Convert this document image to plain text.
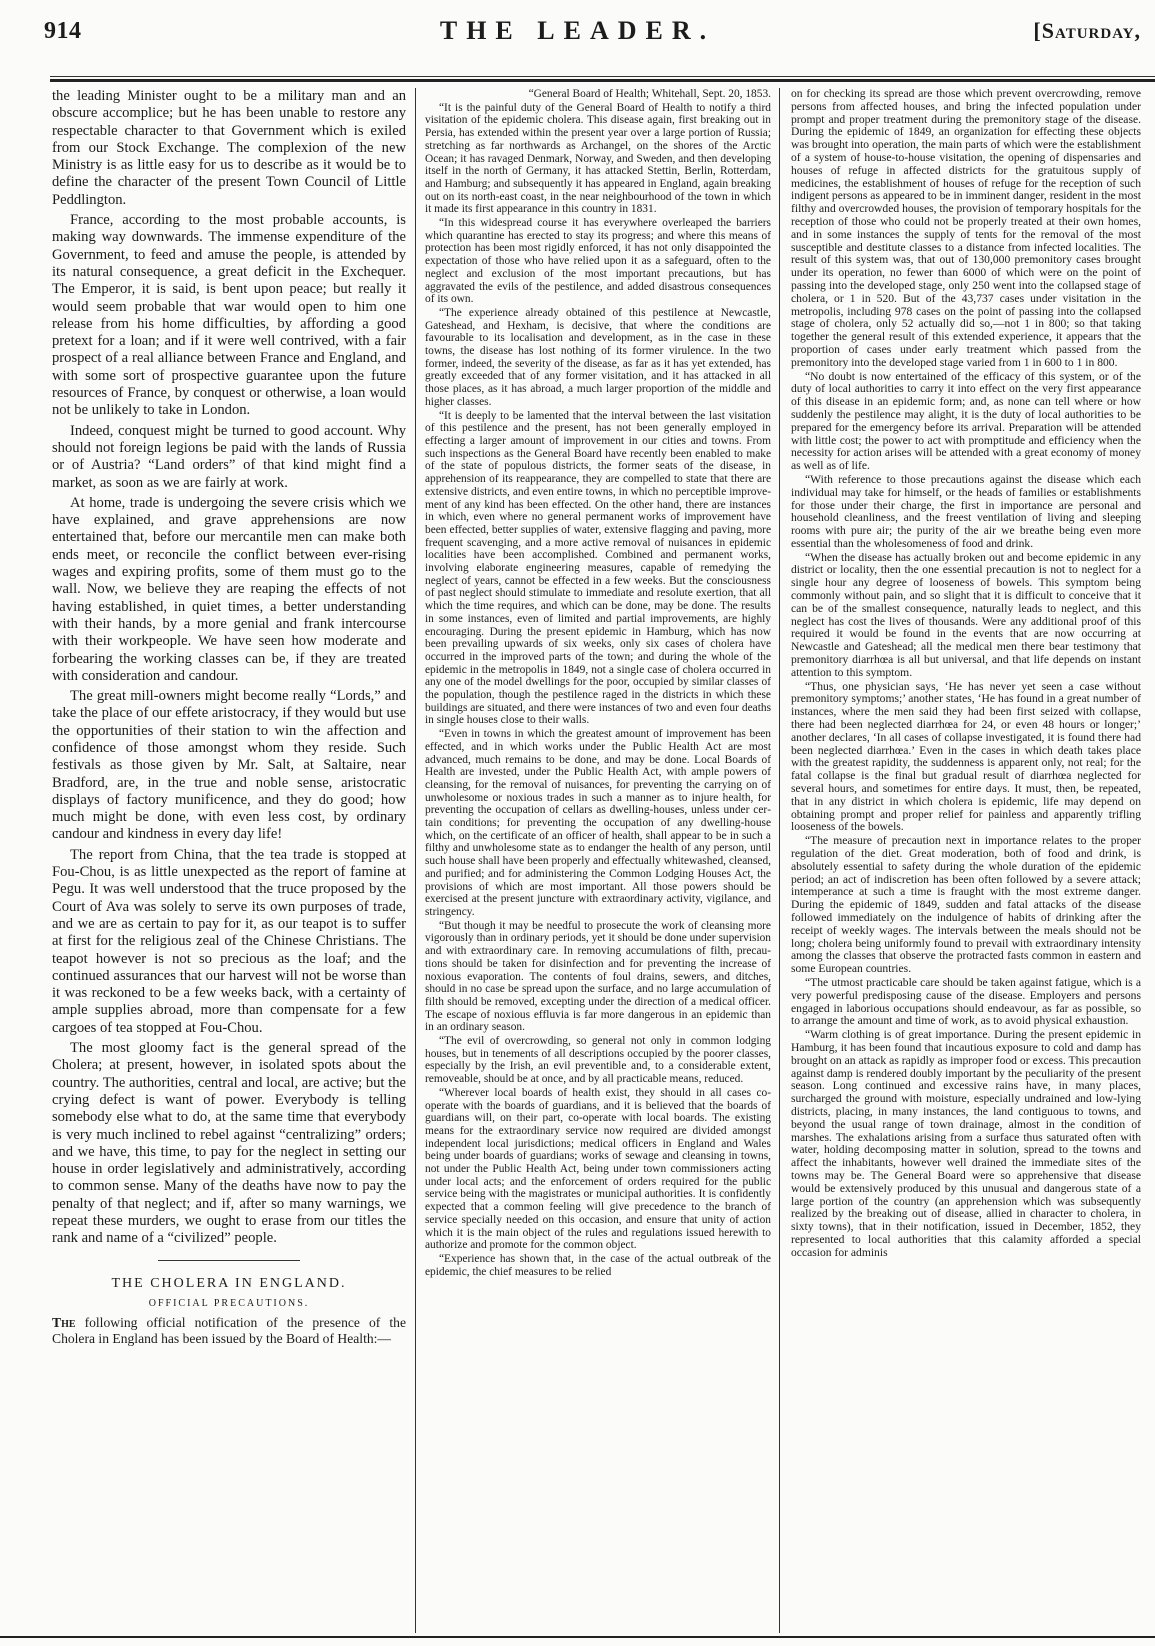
914	THE LEADER.	[Saturday,

the leading Minister ought to be a military man and an obscure accomplice; but he has been unable to restore any respectable character to that Government which is exiled from our Stock Exchange. The complexion of the new Ministry is as little easy for us to describe as it would be to define the character of the present Town Council of Little Peddlington.

France, according to the most probable accounts, is making way downwards. The immense expenditure of the Government, to feed and amuse the people, is attended by its natural consequence, a great deficit in the Exchequer. The Emperor, it is said, is bent upon peace; but really it would seem probable that war would open to him one release from his home difficulties, by affording a good pretext for a loan; and if it were well contrived, with a fair prospect of a real alliance between France and England, and with some sort of prospective guarantee upon the future resources of France, by conquest or otherwise, a loan would not be unlikely to take in London.

Indeed, conquest might be turned to good account. Why should not foreign legions be paid with the lands of Russia or of Austria? “Land orders” of that kind might find a market, as soon as we are fairly at work.

At home, trade is undergoing the severe crisis which we have explained, and grave apprehensions are now entertained that, before our mercantile men can make both ends meet, or reconcile the conflict between ever-rising wages and expiring profits, some of them must go to the wall. Now, we believe they are reaping the effects of not having established, in quiet times, a better understanding with their hands, by a more genial and frank intercourse with their workpeople. We have seen how moderate and forbearing the working classes can be, if they are treated with consideration and candour.

The great mill-owners might become really “Lords,” and take the place of our effete aristocracy, if they would but use the opportunities of their station to win the affection and confidence of those amongst whom they reside. Such festivals as those given by Mr. Salt, at Saltaire, near Bradford, are, in the true and noble sense, aristocratic displays of factory munificence, and they do good; how much might be done, with even less cost, by ordinary candour and kindness in every day life!

The report from China, that the tea trade is stopped at Fou-Chou, is as little unexpected as the report of famine at Pegu. It was well understood that the truce proposed by the Court of Ava was solely to serve its own purposes of trade, and we are as certain to pay for it, as our teapot is to suffer at first for the religious zeal of the Chinese Christians. The teapot however is not so precious as the loaf; and the continued assurances that our harvest will not be worse than it was reckoned to be a few weeks back, with a certainty of ample supplies abroad, more than compensate for a few cargoes of tea stopped at Fou-Chou.

The most gloomy fact is the general spread of the Cholera; at present, however, in isolated spots about the country. The authorities, central and local, are active; but the crying defect is want of power. Everybody is telling somebody else what to do, at the same time that everybody is very much inclined to rebel against “centralizing” orders; and we have, this time, to pay for the neglect in setting our house in order legislatively and administratively, according to common sense. Many of the deaths have now to pay the penalty of that neglect; and if, after so many warnings, we repeat these murders, we ought to erase from our titles the rank and name of a “civilized” people.

THE CHOLERA IN ENGLAND.

OFFICIAL PRECAUTIONS.

The following official notification of the presence of the Cholera in England has been issued by the Board of Health:—

“General Board of Health; Whitehall, Sept. 20, 1853.

“It is the painful duty of the General Board of Health to notify a third visitation of the epidemic cholera. This disease again, first breaking out in Persia, has extended within the present year over a large portion of Russia; stretching as far northwards as Archangel, on the shores of the Arctic Ocean; it has ravaged Denmark, Norway, and Sweden, and then developing itself in the north of Germany, it has attacked Stettin, Berlin, Rotterdam, and Hamburg; and subsequently it has appeared in England, again breaking out on its north-east coast, in the near neighbourhood of the town in which it made its first appearance in this country in 1831.

“In this widespread course it has everywhere overleaped the barriers which quarantine has erected to stay its progress; and where this means of protection has been most rigidly enforced, it has not only disappointed the expectation of those who have relied upon it as a safeguard, often to the neglect and exclusion of the most important precautions, but has aggravated the evils of the pestilence, and added disastrous consequences of its own.

“The experience already obtained of this pestilence at Newcastle, Gateshead, and Hexham, is decisive, that where the conditions are favourable to its localisation and development, as in the case in these towns, the disease has lost nothing of its former virulence. In the two former, indeed, the severity of the disease, as far as it has yet extended, has greatly exceeded that of any former visitation, and it has attacked in all those places, as it has abroad, a much larger proportion of the middle and higher classes.

“It is deeply to be lamented that the interval between the last visitation of this pestilence and the present, has not been generally employed in effecting a larger amount of improvement in our cities and towns. From such inspections as the General Board have recently been enabled to make of the state of populous districts, the former seats of the disease, in apprehension of its reappearance, they are compelled to state that there are extensive districts, and even entire towns, in which no perceptible improvement of any kind has been effected. On the other hand, there are instances in which, even where no general permanent works of improvement have been effected, better supplies of water, extensive flagging and paving, more frequent scavenging, and a more active removal of nuisances in epidemic localities have been accomplished. Combined and permanent works, involving elaborate engineering measures, capable of remedying the neglect of years, cannot be effected in a few weeks. But the consciousness of past neglect should stimulate to immediate and resolute exertion, that all which the time requires, and which can be done, may be done. The results in some instances, even of limited and partial improvements, are highly encouraging. During the present epidemic in Hamburg, which has now been prevailing upwards of six weeks, only six cases of cholera have occurred in the improved parts of the town; and during the whole of the epidemic in the metropolis in 1849, not a single case of cholera occurred in any one of the model dwellings for the poor, occupied by similar classes of the population, though the pestilence raged in the districts in which these buildings are situated, and there were instances of two and even four deaths in single houses close to their walls.

“Even in towns in which the greatest amount of improvement has been effected, and in which works under the Public Health Act are most advanced, much remains to be done, and may be done. Local Boards of Health are invested, under the Public Health Act, with ample powers of cleansing, for the removal of nuisances, for preventing the carrying on of unwholesome or noxious trades in such a manner as to injure health, for preventing the occupation of cellars as dwelling-houses, unless under certain conditions; for preventing the occupation of any dwelling-house which, on the certificate of an officer of health, shall appear to be in such a filthy and unwholesome state as to endanger the health of any person, until such house shall have been properly and effectually whitewashed, cleansed, and purified; and for administering the Common Lodging Houses Act, the provisions of which are most important. All those powers should be exercised at the present juncture with extraordinary activity, vigilance, and stringency.

“But though it may be needful to prosecute the work of cleansing more vigorously than in ordinary periods, yet it should be done under supervision and with extraordinary care. In removing accumulations of filth, precautions should be taken for disinfection and for preventing the increase of noxious evaporation. The contents of foul drains, sewers, and ditches, should in no case be spread upon the surface, and no large accumulation of filth should be removed, excepting under the direction of a medical officer. The escape of noxious effluvia is far more dangerous in an epidemic than in an ordinary season.

“The evil of overcrowding, so general not only in common lodging houses, but in tenements of all descriptions occupied by the poorer classes, especially by the Irish, an evil preventible and, to a considerable extent, removeable, should be at once, and by all practicable means, reduced.

“Wherever local boards of health exist, they should in all cases co-operate with the boards of guardians, and it is believed that the boards of guardians will, on their part, co-operate with local boards. The existing means for the extraordinary service now required are divided amongst independent local jurisdictions; medical officers in England and Wales being under boards of guardians; works of sewage and cleansing in towns, not under the Public Health Act, being under town commissioners acting under local acts; and the enforcement of orders required for the public service being with the magistrates or municipal authorities. It is confidently expected that a common feeling will give precedence to the branch of service specially needed on this occasion, and ensure that unity of action which it is the main object of the rules and regulations issued herewith to authorize and promote for the common object.

“Experience has shown that, in the case of the actual outbreak of the epidemic, the chief measures to be relied

on for checking its spread are those which prevent overcrowding, remove persons from affected houses, and bring the infected population under prompt and proper treatment during the premonitory stage of the disease. During the epidemic of 1849, an organization for effecting these objects was brought into operation, the main parts of which were the establishment of a system of house-to-house visitation, the opening of dispensaries and houses of refuge in affected districts for the gratuitous supply of medicines, the establishment of houses of refuge for the reception of such indigent persons as appeared to be in imminent danger, resident in the most filthy and overcrowded houses, the provision of temporary hospitals for the reception of those who could not be properly treated at their own homes, and in some instances the supply of tents for the removal of the most susceptible and destitute classes to a distance from infected localities. The result of this system was, that out of 130,000 premonitory cases brought under its operation, no fewer than 6000 of which were on the point of passing into the developed stage, only 250 went into the collapsed stage of cholera, or 1 in 520. But of the 43,737 cases under visitation in the metropolis, including 978 cases on the point of passing into the collapsed stage of cholera, only 52 actually did so,—not 1 in 800; so that taking together the general result of this extended experience, it appears that the proportion of cases under early treatment which passed from the premonitory into the developed stage varied from 1 in 600 to 1 in 800.

“No doubt is now entertained of the efficacy of this system, or of the duty of local authorities to carry it into effect on the very first appearance of this disease in an epidemic form; and, as none can tell where or how suddenly the pestilence may alight, it is the duty of local authorities to be prepared for the emergency before its arrival. Preparation will be attended with little cost; the power to act with promptitude and efficiency when the necessity for action arises will be attended with a great economy of money as well as of life.

“With reference to those precautions against the disease which each individual may take for himself, or the heads of families or establishments for those under their charge, the first in importance are personal and household cleanliness, and the freest ventilation of living and sleeping rooms with pure air; the purity of the air we breathe being even more essential than the wholesomeness of food and drink.

“When the disease has actually broken out and become epidemic in any district or locality, then the one essential precaution is not to neglect for a single hour any degree of looseness of bowels. This symptom being commonly without pain, and so slight that it is difficult to conceive that it can be of the smallest consequence, naturally leads to neglect, and this neglect has cost the lives of thousands. Were any additional proof of this required it would be found in the events that are now occurring at Newcastle and Gateshead; all the medical men there bear testimony that premonitory diarrhœa is all but universal, and that life depends on instant attention to this symptom.

“Thus, one physician says, ‘He has never yet seen a case without premonitory symptoms;’ another states, ‘He has found in a great number of instances, where the men said they had been first seized with collapse, there had been neglected diarrhœa for 24, or even 48 hours or longer;’ another declares, ‘In all cases of collapse investigated, it is found there had been neglected diarrhœa.’ Even in the cases in which death takes place with the greatest rapidity, the suddenness is apparent only, not real; for the fatal collapse is the final but gradual result of diarrhœa neglected for several hours, and sometimes for entire days. It must, then, be repeated, that in any district in which cholera is epidemic, life may depend on obtaining prompt and proper relief for painless and apparently trifling looseness of the bowels.

“The measure of precaution next in importance relates to the proper regulation of the diet. Great moderation, both of food and drink, is absolutely essential to safety during the whole duration of the epidemic period; an act of indiscretion has been often followed by a severe attack; intemperance at such a time is fraught with the most extreme danger. During the epidemic of 1849, sudden and fatal attacks of the disease followed immediately on the indulgence of habits of drinking after the receipt of weekly wages. The intervals between the meals should not be long; cholera being uniformly found to prevail with extraordinary intensity among the classes that observe the protracted fasts common in eastern and some European countries.

“The utmost practicable care should be taken against fatigue, which is a very powerful predisposing cause of the disease. Employers and persons engaged in laborious occupations should endeavour, as far as possible, so to arrange the amount and time of work, as to avoid physical exhaustion.

“Warm clothing is of great importance. During the present epidemic in Hamburg, it has been found that incautious exposure to cold and damp has brought on an attack as rapidly as improper food or excess. This precaution against damp is rendered doubly important by the peculiarity of the present season. Long continued and excessive rains have, in many places, surcharged the ground with moisture, especially undrained and low-lying districts, placing, in many instances, the land contiguous to towns, and beyond the usual range of town drainage, almost in the condition of marshes. The exhalations arising from a surface thus saturated often with water, holding decomposing matter in solution, spread to the towns and affect the inhabitants, however well drained the immediate sites of the towns may be. The General Board were so apprehensive that disease would be extensively produced by this unusual and dangerous state of a large portion of the country (an apprehension which was subsequently realized by the breaking out of disease, allied in character to cholera, in sixty towns), that in their notification, issued in December, 1852, they represented to local authorities that this calamity afforded a special occasion for adminis
